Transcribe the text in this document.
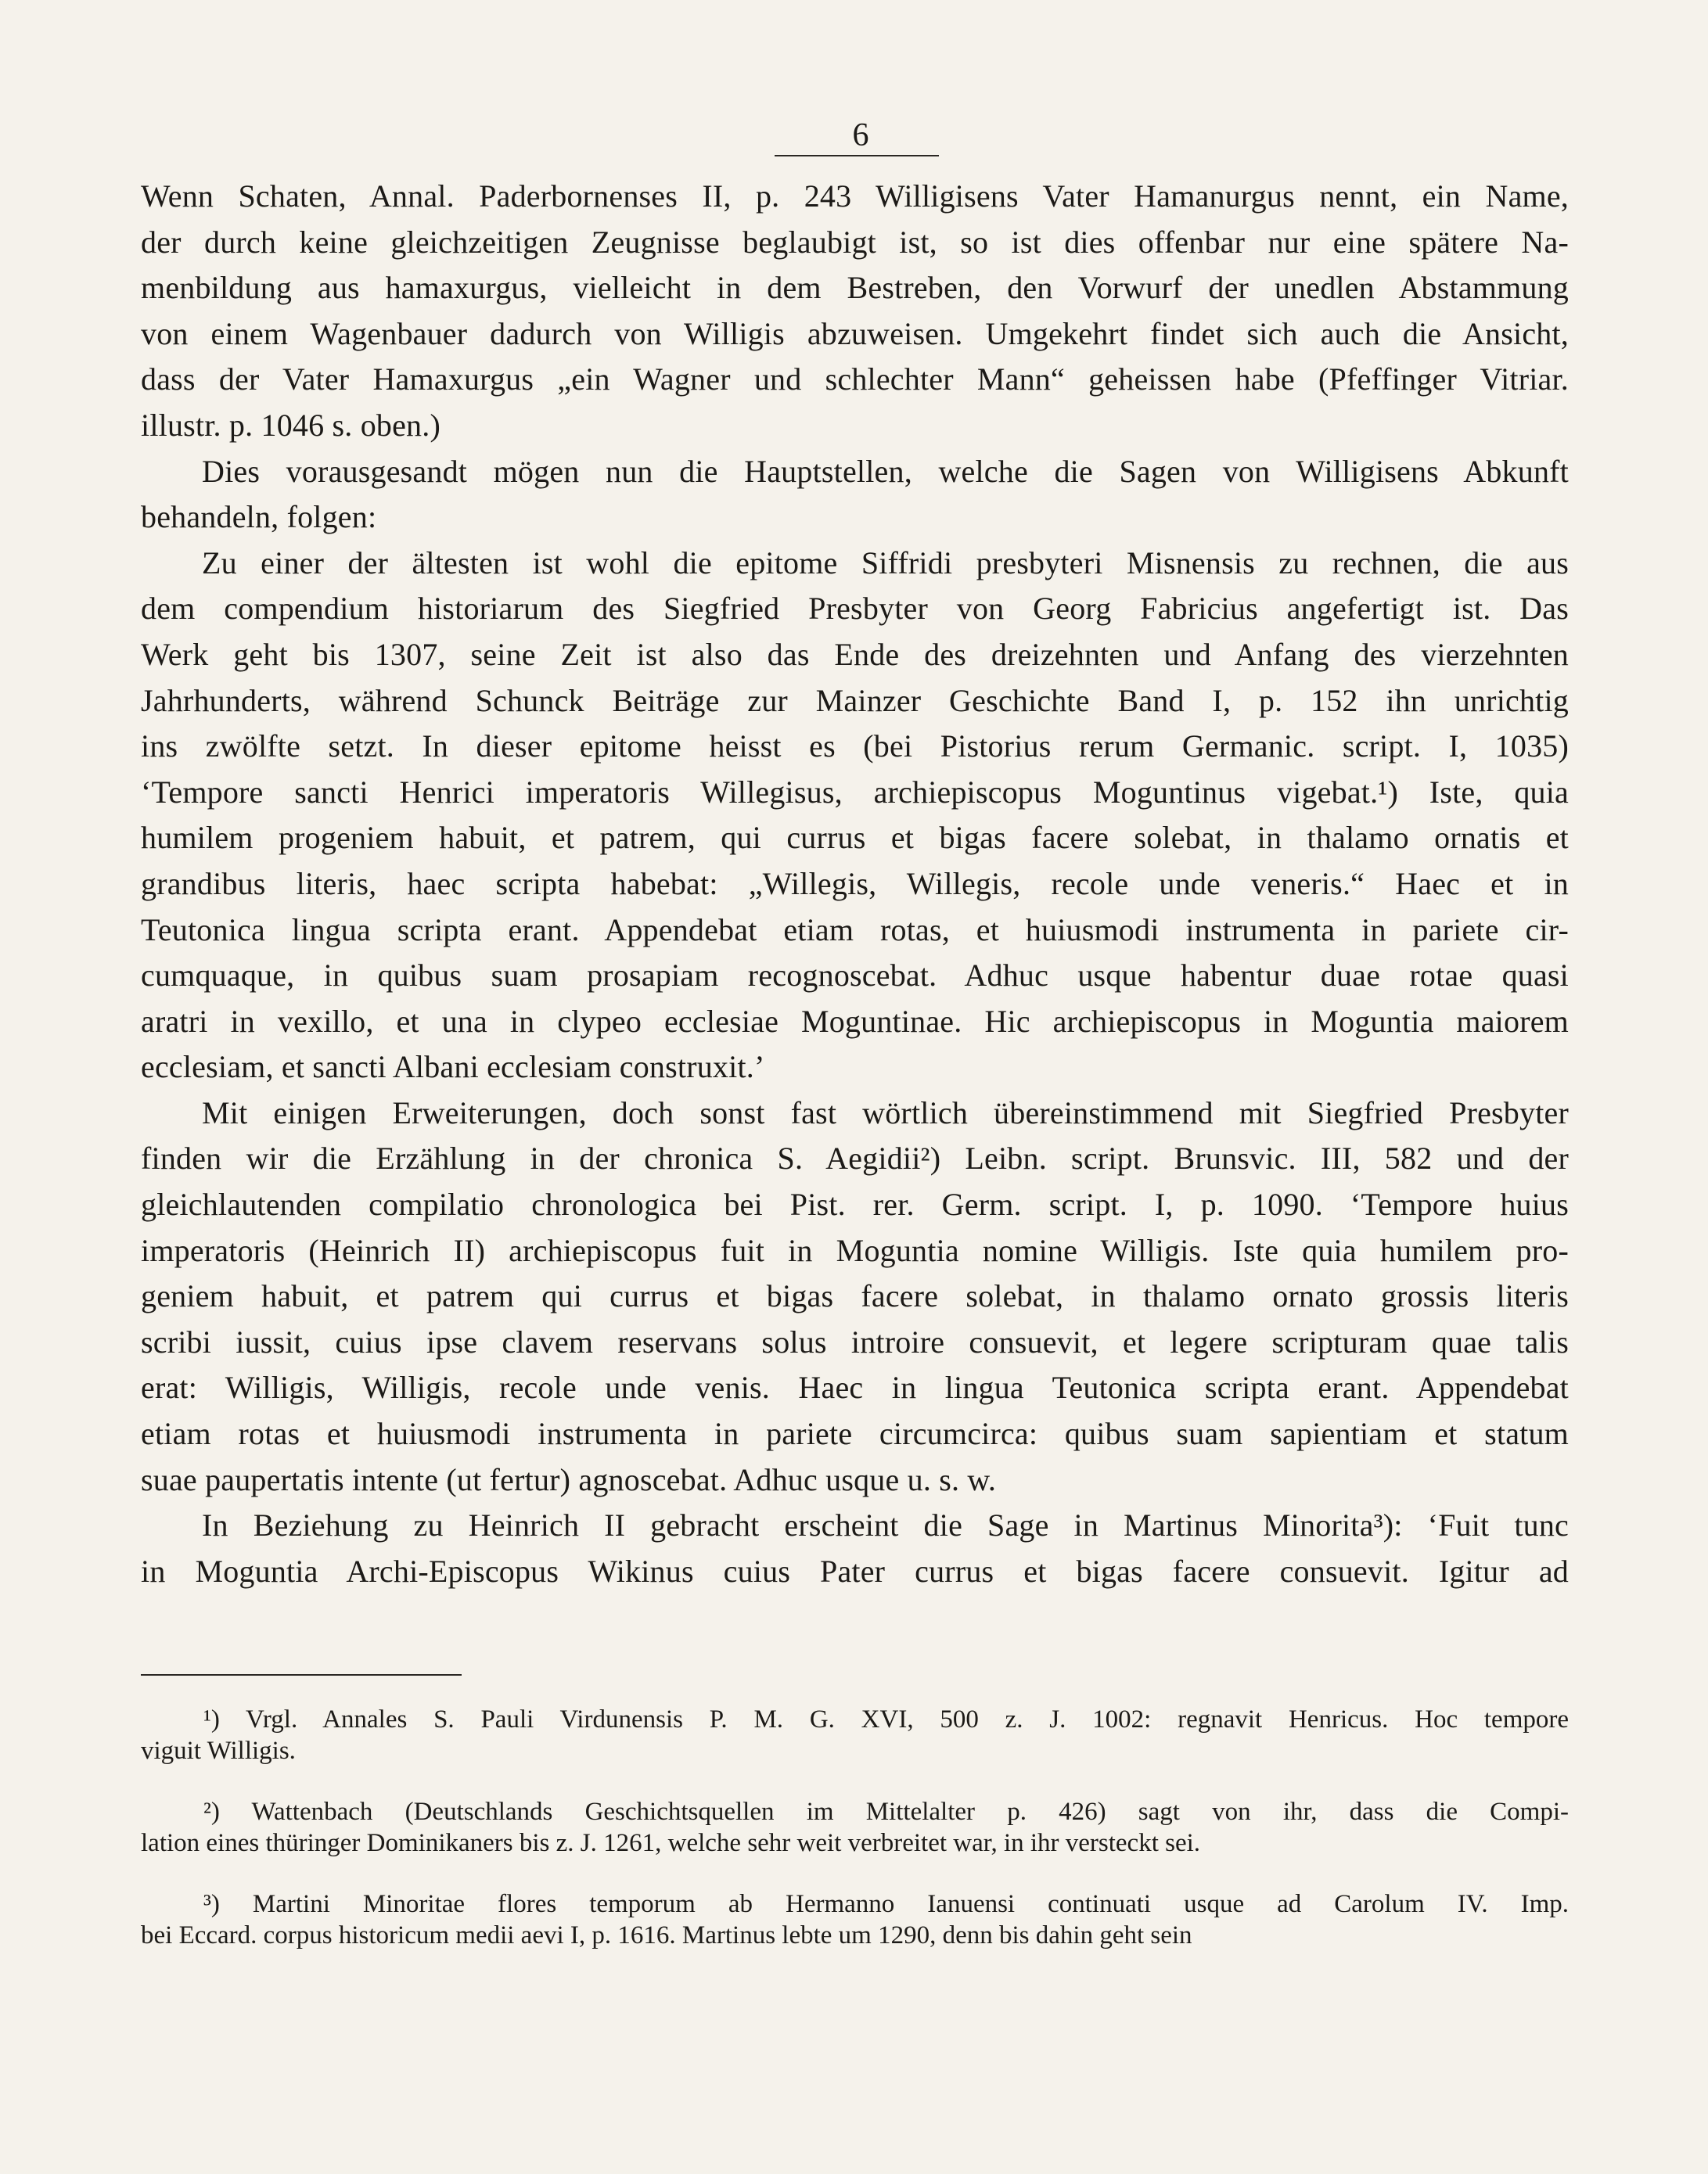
6
Wenn Schaten, Annal. Paderbornenses II, p. 243 Willigisens Vater Hamanurgus nennt, ein Name,
der durch keine gleichzeitigen Zeugnisse beglaubigt ist, so ist dies offenbar nur eine spätere Na-
menbildung aus hamaxurgus, vielleicht in dem Bestreben, den Vorwurf der unedlen Abstammung
von einem Wagenbauer dadurch von Willigis abzuweisen. Umgekehrt findet sich auch die Ansicht,
dass der Vater Hamaxurgus „ein Wagner und schlechter Mann“ geheissen habe (Pfeffinger Vitriar.
illustr. p. 1046 s. oben.)
Dies vorausgesandt mögen nun die Hauptstellen, welche die Sagen von Willigisens Abkunft
behandeln, folgen:
Zu einer der ältesten ist wohl die epitome Siffridi presbyteri Misnensis zu rechnen, die aus
dem compendium historiarum des Siegfried Presbyter von Georg Fabricius angefertigt ist. Das
Werk geht bis 1307, seine Zeit ist also das Ende des dreizehnten und Anfang des vierzehnten
Jahrhunderts, während Schunck Beiträge zur Mainzer Geschichte Band I, p. 152 ihn unrichtig
ins zwölfte setzt. In dieser epitome heisst es (bei Pistorius rerum Germanic. script. I, 1035)
‘Tempore sancti Henrici imperatoris Willegisus, archiepiscopus Moguntinus vigebat.¹) Iste, quia
humilem progeniem habuit, et patrem, qui currus et bigas facere solebat, in thalamo ornatis et
grandibus literis, haec scripta habebat: „Willegis, Willegis, recole unde veneris.“ Haec et in
Teutonica lingua scripta erant. Appendebat etiam rotas, et huiusmodi instrumenta in pariete cir-
cumquaque, in quibus suam prosapiam recognoscebat. Adhuc usque habentur duae rotae quasi
aratri in vexillo, et una in clypeo ecclesiae Moguntinae. Hic archiepiscopus in Moguntia maiorem
ecclesiam, et sancti Albani ecclesiam construxit.’
Mit einigen Erweiterungen, doch sonst fast wörtlich übereinstimmend mit Siegfried Presbyter
finden wir die Erzählung in der chronica S. Aegidii²) Leibn. script. Brunsvic. III, 582 und der
gleichlautenden compilatio chronologica bei Pist. rer. Germ. script. I, p. 1090. ‘Tempore huius
imperatoris (Heinrich II) archiepiscopus fuit in Moguntia nomine Willigis. Iste quia humilem pro-
geniem habuit, et patrem qui currus et bigas facere solebat, in thalamo ornato grossis literis
scribi iussit, cuius ipse clavem reservans solus introire consuevit, et legere scripturam quae talis
erat: Willigis, Willigis, recole unde venis. Haec in lingua Teutonica scripta erant. Appendebat
etiam rotas et huiusmodi instrumenta in pariete circumcirca: quibus suam sapientiam et statum
suae paupertatis intente (ut fertur) agnoscebat. Adhuc usque u. s. w.
In Beziehung zu Heinrich II gebracht erscheint die Sage in Martinus Minorita³): ‘Fuit tunc
in Moguntia Archi-Episcopus Wikinus cuius Pater currus et bigas facere consuevit. Igitur ad
¹) Vrgl. Annales S. Pauli Virdunensis P. M. G. XVI, 500 z. J. 1002: regnavit Henricus. Hoc tempore
viguit Willigis.
²) Wattenbach (Deutschlands Geschichtsquellen im Mittelalter p. 426) sagt von ihr, dass die Compi-
lation eines thüringer Dominikaners bis z. J. 1261, welche sehr weit verbreitet war, in ihr versteckt sei.
³) Martini Minoritae flores temporum ab Hermanno Ianuensi continuati usque ad Carolum IV. Imp.
bei Eccard. corpus historicum medii aevi I, p. 1616. Martinus lebte um 1290, denn bis dahin geht sein
